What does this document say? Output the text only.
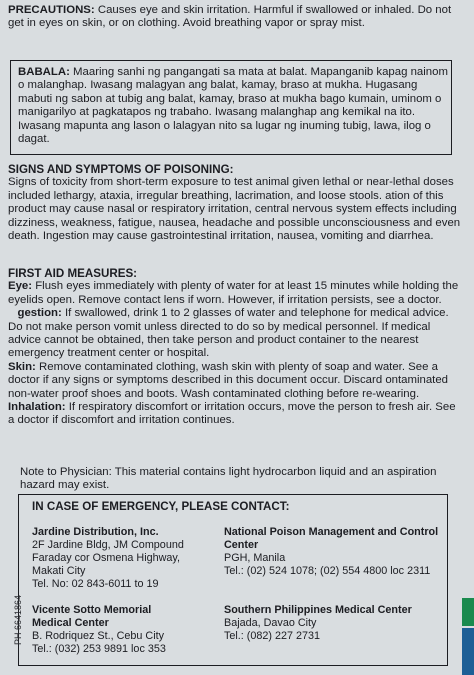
PRECAUTIONS: Causes eye and skin irritation. Harmful if swallowed or inhaled. Do not get in eyes on skin, or on clothing. Avoid breathing vapor or spray mist.
BABALA: Maaring sanhi ng pangangati sa mata at balat. Mapanganib kapag nainom o malanghap. Iwasang malagyan ang balat, kamay, braso at mukha. Hugasang mabuti ng sabon at tubig ang balat, kamay, braso at mukha bago kumain, uminom o manigarilyo at pagkatapos ng trabaho. Iwasang malanghap ang kemikal na ito. Iwasang mapunta ang lason o lalagyan nito sa lugar ng inuming tubig, lawa, ilog o dagat.
SIGNS AND SYMPTOMS OF POISONING:
Signs of toxicity from short-term exposure to test animal given lethal or near-lethal doses included lethargy, ataxia, irregular breathing, lacrimation, and loose stools. ation of this product may cause nasal or respiratory irritation, central nervous system effects including dizziness, weakness, fatigue, nausea, headache and possible unconsciousness and even death. Ingestion may cause gastrointestinal irritation, nausea, vomiting and diarrhea.
FIRST AID MEASURES:
Eye: Flush eyes immediately with plenty of water for at least 15 minutes while holding the eyelids open. Remove contact lens if worn. However, if irritation persists, see a doctor.
gestion: If swallowed, drink 1 to 2 glasses of water and telephone for medical advice. Do not make person vomit unless directed to do so by medical personnel. If medical advice cannot be obtained, then take person and product container to the nearest emergency treatment center or hospital.
Skin: Remove contaminated clothing, wash skin with plenty of soap and water. See a doctor if any signs or symptoms described in this document occur. Discard ontaminated non-water proof shoes and boots. Wash contaminated clothing before re-wearing.
Inhalation: If respiratory discomfort or irritation occurs, move the person to fresh air. See a doctor if discomfort and irritation continues.
Note to Physician: This material contains light hydrocarbon liquid and an aspiration hazard may exist.
IN CASE OF EMERGENCY, PLEASE CONTACT:
Jardine Distribution, Inc.
2F Jardine Bldg, JM Compound
Faraday cor Osmena Highway,
Makati City
Tel. No: 02 843-6011 to 19
National Poison Management and Control Center
PGH, Manila
Tel.: (02) 524 1078; (02) 554 4800 loc 2311
Vicente Sotto Memorial Medical Center
B. Rodriquez St., Cebu City
Tel.: (032) 253 9891 loc 353
Southern Philippines Medical Center
Bajada, Davao City
Tel.: (082) 227 2731
PH 6641864
